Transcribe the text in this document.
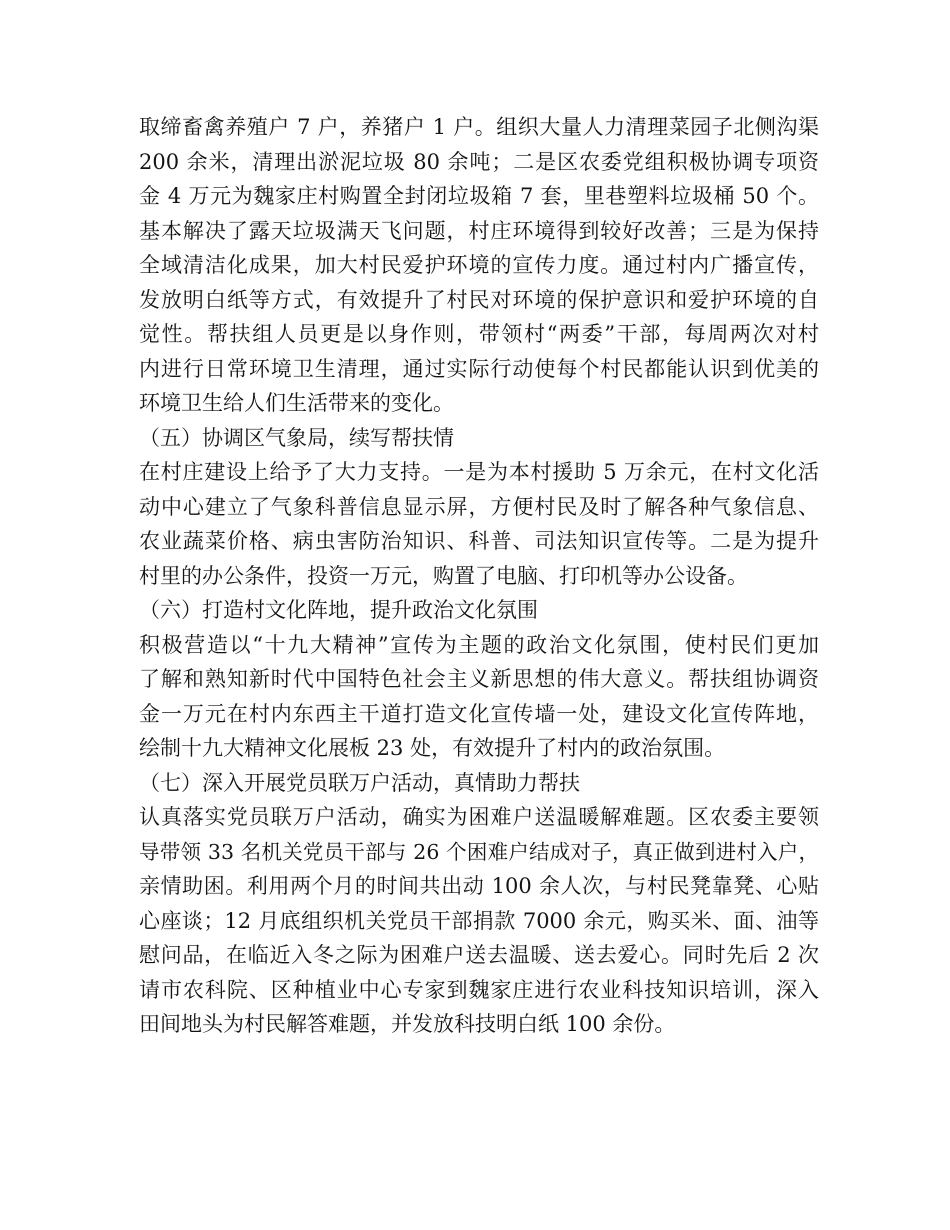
取缔畜禽养殖户 7 户，养猪户 1 户。组织大量人力清理菜园子北侧沟渠
200 余米，清理出淤泥垃圾 80 余吨；二是区农委党组积极协调专项资
金 4 万元为魏家庄村购置全封闭垃圾箱 7 套，里巷塑料垃圾桶 50 个。
基本解决了露天垃圾满天飞问题，村庄环境得到较好改善；三是为保持
全域清洁化成果，加大村民爱护环境的宣传力度。通过村内广播宣传，
发放明白纸等方式，有效提升了村民对环境的保护意识和爱护环境的自
觉性。帮扶组人员更是以身作则，带领村“两委”干部，每周两次对村
内进行日常环境卫生清理，通过实际行动使每个村民都能认识到优美的
环境卫生给人们生活带来的变化。
（五）协调区气象局，续写帮扶情
在村庄建设上给予了大力支持。一是为本村援助 5 万余元，在村文化活
动中心建立了气象科普信息显示屏，方便村民及时了解各种气象信息、
农业蔬菜价格、病虫害防治知识、科普、司法知识宣传等。二是为提升
村里的办公条件，投资一万元，购置了电脑、打印机等办公设备。
（六）打造村文化阵地，提升政治文化氛围
积极营造以“十九大精神”宣传为主题的政治文化氛围，使村民们更加
了解和熟知新时代中国特色社会主义新思想的伟大意义。帮扶组协调资
金一万元在村内东西主干道打造文化宣传墙一处，建设文化宣传阵地，
绘制十九大精神文化展板 23 处，有效提升了村内的政治氛围。
（七）深入开展党员联万户活动，真情助力帮扶
认真落实党员联万户活动，确实为困难户送温暖解难题。区农委主要领
导带领 33 名机关党员干部与 26 个困难户结成对子，真正做到进村入户，
亲情助困。利用两个月的时间共出动 100 余人次，与村民凳靠凳、心贴
心座谈；12 月底组织机关党员干部捐款 7000 余元，购买米、面、油等
慰问品，在临近入冬之际为困难户送去温暖、送去爱心。同时先后 2 次
请市农科院、区种植业中心专家到魏家庄进行农业科技知识培训，深入
田间地头为村民解答难题，并发放科技明白纸 100 余份。
